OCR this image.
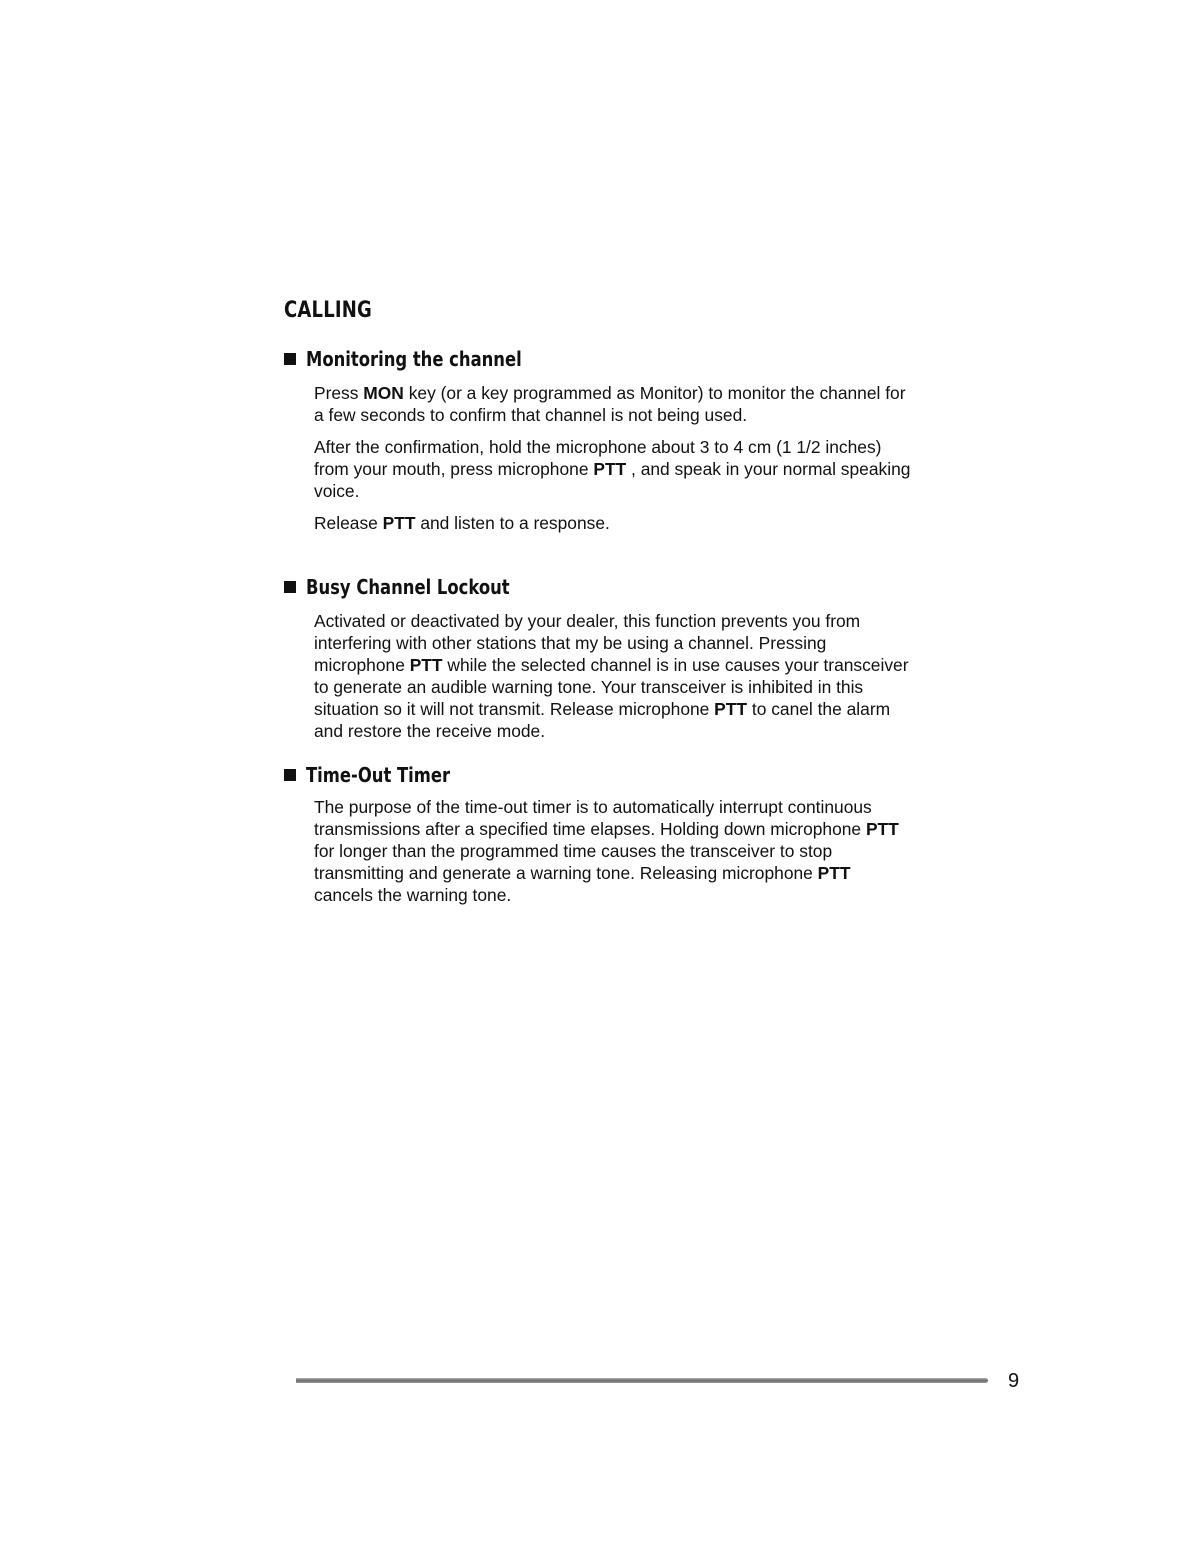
CALLING
Monitoring the channel

Press MON key (or a key programmed as Monitor) to monitor the channel for
a few seconds to confirm that channel is not being used.

After the confirmation, hold the microphone about 3 to 4 cm (1 1/2 inches)
from your mouth, press microphone PTT , and speak in your normal speaking
voice.

Release PTT and listen to a response.

Busy Channel Lockout

Activated or deactivated by your dealer, this function prevents you from
interfering with other stations that my be using a channel. Pressing
microphone PTT while the selected channel is in use causes your transceiver
to generate an audible warning tone. Your transceiver is inhibited in this
situation so it will not transmit. Release microphone PTT to canel the alarm
and restore the receive mode.

Time-Out Timer

The purpose of the time-out timer is to automatically interrupt continuous
transmissions after a specified time elapses. Holding down microphone PTT
for longer than the programmed time causes the transceiver to stop
transmitting and generate a warning tone. Releasing microphone PTT
cancels the warning tone.

9
